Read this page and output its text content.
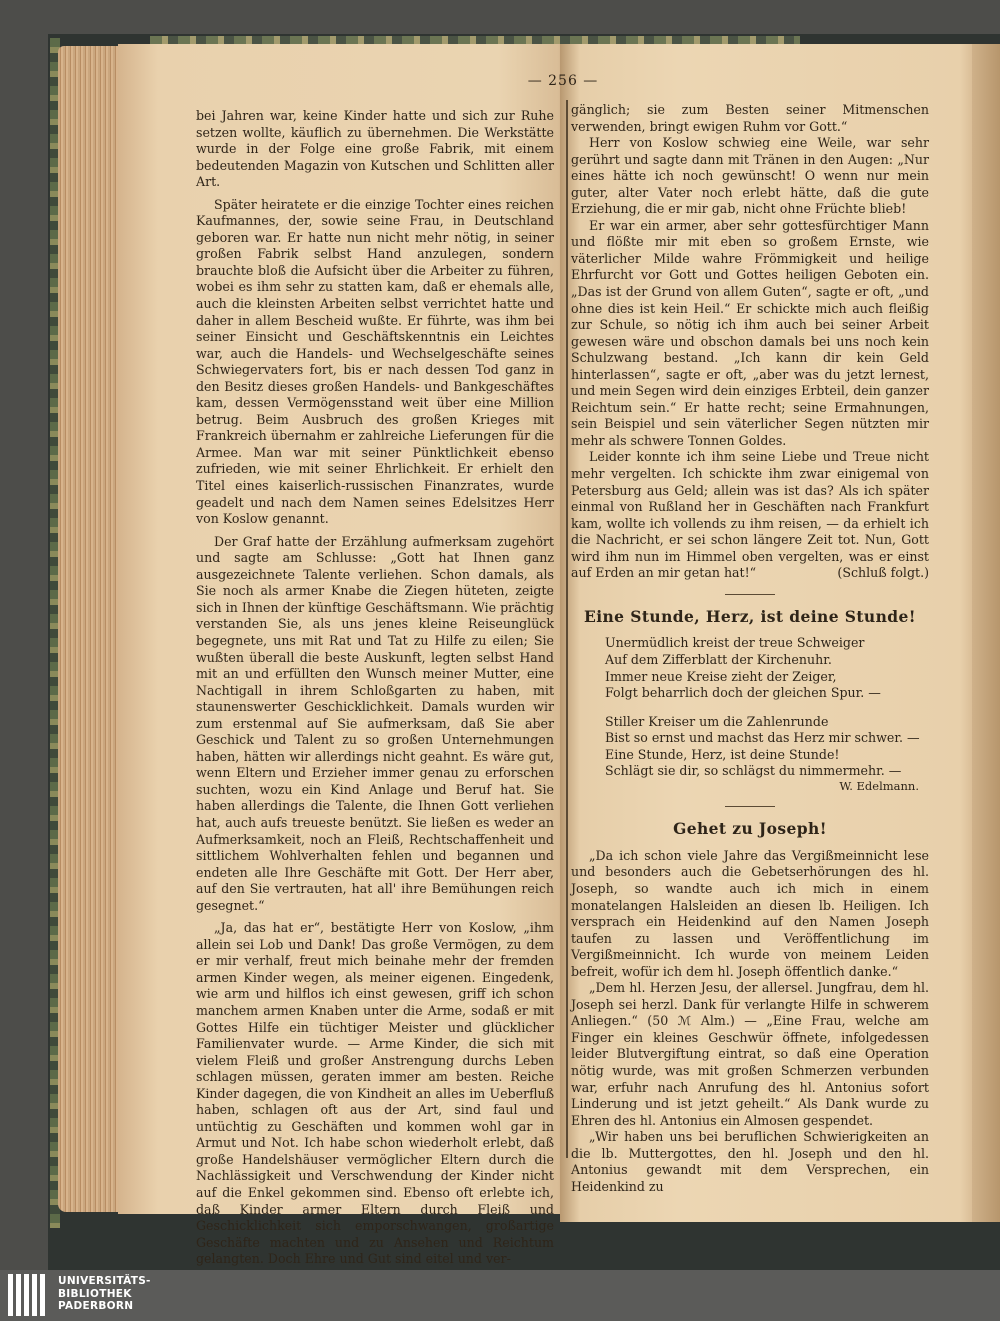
— 256 —

bei Jahren war, keine Kinder hatte und sich zur Ruhe setzen wollte, käuflich zu übernehmen. Die Werkstätte wurde in der Folge eine große Fabrik, mit einem bedeutenden Magazin von Kutschen und Schlitten aller Art.

Später heiratete er die einzige Tochter eines reichen Kaufmannes, der, sowie seine Frau, in Deutschland geboren war. Er hatte nun nicht mehr nötig, in seiner großen Fabrik selbst Hand anzulegen, sondern brauchte bloß die Aufsicht über die Arbeiter zu führen, wobei es ihm sehr zu statten kam, daß er ehemals alle, auch die kleinsten Arbeiten selbst verrichtet hatte und daher in allem Bescheid wußte. Er führte, was ihm bei seiner Einsicht und Geschäftskenntnis ein Leichtes war, auch die Handels- und Wechselgeschäfte seines Schwiegervaters fort, bis er nach dessen Tod ganz in den Besitz dieses großen Handels- und Bankgeschäftes kam, dessen Vermögensstand weit über eine Million betrug. Beim Ausbruch des großen Krieges mit Frankreich übernahm er zahlreiche Lieferungen für die Armee. Man war mit seiner Pünktlichkeit ebenso zufrieden, wie mit seiner Ehrlichkeit. Er erhielt den Titel eines kaiserlich-russischen Finanzrates, wurde geadelt und nach dem Namen seines Edelsitzes Herr von Koslow genannt.

Der Graf hatte der Erzählung aufmerksam zugehört und sagte am Schlusse: „Gott hat Ihnen ganz ausgezeichnete Talente verliehen. Schon damals, als Sie noch als armer Knabe die Ziegen hüteten, zeigte sich in Ihnen der künftige Geschäftsmann. Wie prächtig verstanden Sie, als uns jenes kleine Reiseunglück begegnete, uns mit Rat und Tat zu Hilfe zu eilen; Sie wußten überall die beste Auskunft, legten selbst Hand mit an und erfüllten den Wunsch meiner Mutter, eine Nachtigall in ihrem Schloßgarten zu haben, mit staunenswerter Geschicklichkeit. Damals wurden wir zum erstenmal auf Sie aufmerksam, daß Sie aber Geschick und Talent zu so großen Unternehmungen haben, hätten wir allerdings nicht geahnt. Es wäre gut, wenn Eltern und Erzieher immer genau zu erforschen suchten, wozu ein Kind Anlage und Beruf hat. Sie haben allerdings die Talente, die Ihnen Gott verliehen hat, auch aufs treueste benützt. Sie ließen es weder an Aufmerksamkeit, noch an Fleiß, Rechtschaffenheit und sittlichem Wohlverhalten fehlen und begannen und endeten alle Ihre Geschäfte mit Gott. Der Herr aber, auf den Sie vertrauten, hat all' ihre Bemühungen reich gesegnet.“

„Ja, das hat er“, bestätigte Herr von Koslow, „ihm allein sei Lob und Dank! Das große Vermögen, zu dem er mir verhalf, freut mich beinahe mehr der fremden armen Kinder wegen, als meiner eigenen. Eingedenk, wie arm und hilflos ich einst gewesen, griff ich schon manchem armen Knaben unter die Arme, sodaß er mit Gottes Hilfe ein tüchtiger Meister und glücklicher Familienvater wurde. — Arme Kinder, die sich mit vielem Fleiß und großer Anstrengung durchs Leben schlagen müssen, geraten immer am besten. Reiche Kinder dagegen, die von Kindheit an alles im Ueberfluß haben, schlagen oft aus der Art, sind faul und untüchtig zu Geschäften und kommen wohl gar in Armut und Not. Ich habe schon wiederholt erlebt, daß große Handelshäuser vermöglicher Eltern durch die Nachlässigkeit und Verschwendung der Kinder nicht auf die Enkel gekommen sind. Ebenso oft erlebte ich, daß Kinder armer Eltern durch Fleiß und Geschicklichkeit sich emporschwangen, großartige Geschäfte machten und zu Ansehen und Reichtum gelangten. Doch Ehre und Gut sind eitel und ver-

gänglich; sie zum Besten seiner Mitmenschen verwenden, bringt ewigen Ruhm vor Gott.“

Herr von Koslow schwieg eine Weile, war sehr gerührt und sagte dann mit Tränen in den Augen: „Nur eines hätte ich noch gewünscht! O wenn nur mein guter, alter Vater noch erlebt hätte, daß die gute Erziehung, die er mir gab, nicht ohne Früchte blieb!

Er war ein armer, aber sehr gottesfürchtiger Mann und flößte mir mit eben so großem Ernste, wie väterlicher Milde wahre Frömmigkeit und heilige Ehrfurcht vor Gott und Gottes heiligen Geboten ein. „Das ist der Grund von allem Guten“, sagte er oft, „und ohne dies ist kein Heil.“ Er schickte mich auch fleißig zur Schule, so nötig ich ihm auch bei seiner Arbeit gewesen wäre und obschon damals bei uns noch kein Schulzwang bestand. „Ich kann dir kein Geld hinterlassen“, sagte er oft, „aber was du jetzt lernest, und mein Segen wird dein einziges Erbteil, dein ganzer Reichtum sein.“ Er hatte recht; seine Ermahnungen, sein Beispiel und sein väterlicher Segen nützten mir mehr als schwere Tonnen Goldes.

Leider konnte ich ihm seine Liebe und Treue nicht mehr vergelten. Ich schickte ihm zwar einigemal von Petersburg aus Geld; allein was ist das? Als ich später einmal von Rußland her in Geschäften nach Frankfurt kam, wollte ich vollends zu ihm reisen, — da erhielt ich die Nachricht, er sei schon längere Zeit tot. Nun, Gott wird ihm nun im Himmel oben vergelten, was er einst auf Erden an mir getan hat!“	(Schluß folgt.)

Eine Stunde, Herz, ist deine Stunde!
Unermüdlich kreist der treue Schweiger
Auf dem Zifferblatt der Kirchenuhr.
Immer neue Kreise zieht der Zeiger,
Folgt beharrlich doch der gleichen Spur. —
Stiller Kreiser um die Zahlenrunde
Bist so ernst und machst das Herz mir schwer. —
Eine Stunde, Herz, ist deine Stunde!
Schlägt sie dir, so schlägst du nimmermehr. —
W. Edelmann.
Gehet zu Joseph!

„Da ich schon viele Jahre das Vergißmeinnicht lese und besonders auch die Gebetserhörungen des hl. Joseph, so wandte auch ich mich in einem monatelangen Halsleiden an diesen lb. Heiligen. Ich versprach ein Heidenkind auf den Namen Joseph taufen zu lassen und Veröffentlichung im Vergißmeinnicht. Ich wurde von meinem Leiden befreit, wofür ich dem hl. Joseph öffentlich danke.“

„Dem hl. Herzen Jesu, der allersel. Jungfrau, dem hl. Joseph sei herzl. Dank für verlangte Hilfe in schwerem Anliegen.“ (50 ℳ Alm.) — „Eine Frau, welche am Finger ein kleines Geschwür öffnete, infolgedessen leider Blutvergiftung eintrat, so daß eine Operation nötig wurde, was mit großen Schmerzen verbunden war, erfuhr nach Anrufung des hl. Antonius sofort Linderung und ist jetzt geheilt.“ Als Dank wurde zu Ehren des hl. Antonius ein Almosen gespendet.

„Wir haben uns bei beruflichen Schwierigkeiten an die lb. Muttergottes, den hl. Joseph und den hl. Antonius gewandt mit dem Versprechen, ein Heidenkind zu

UNIVERSITÄTS-
BIBLIOTHEK
PADERBORN
